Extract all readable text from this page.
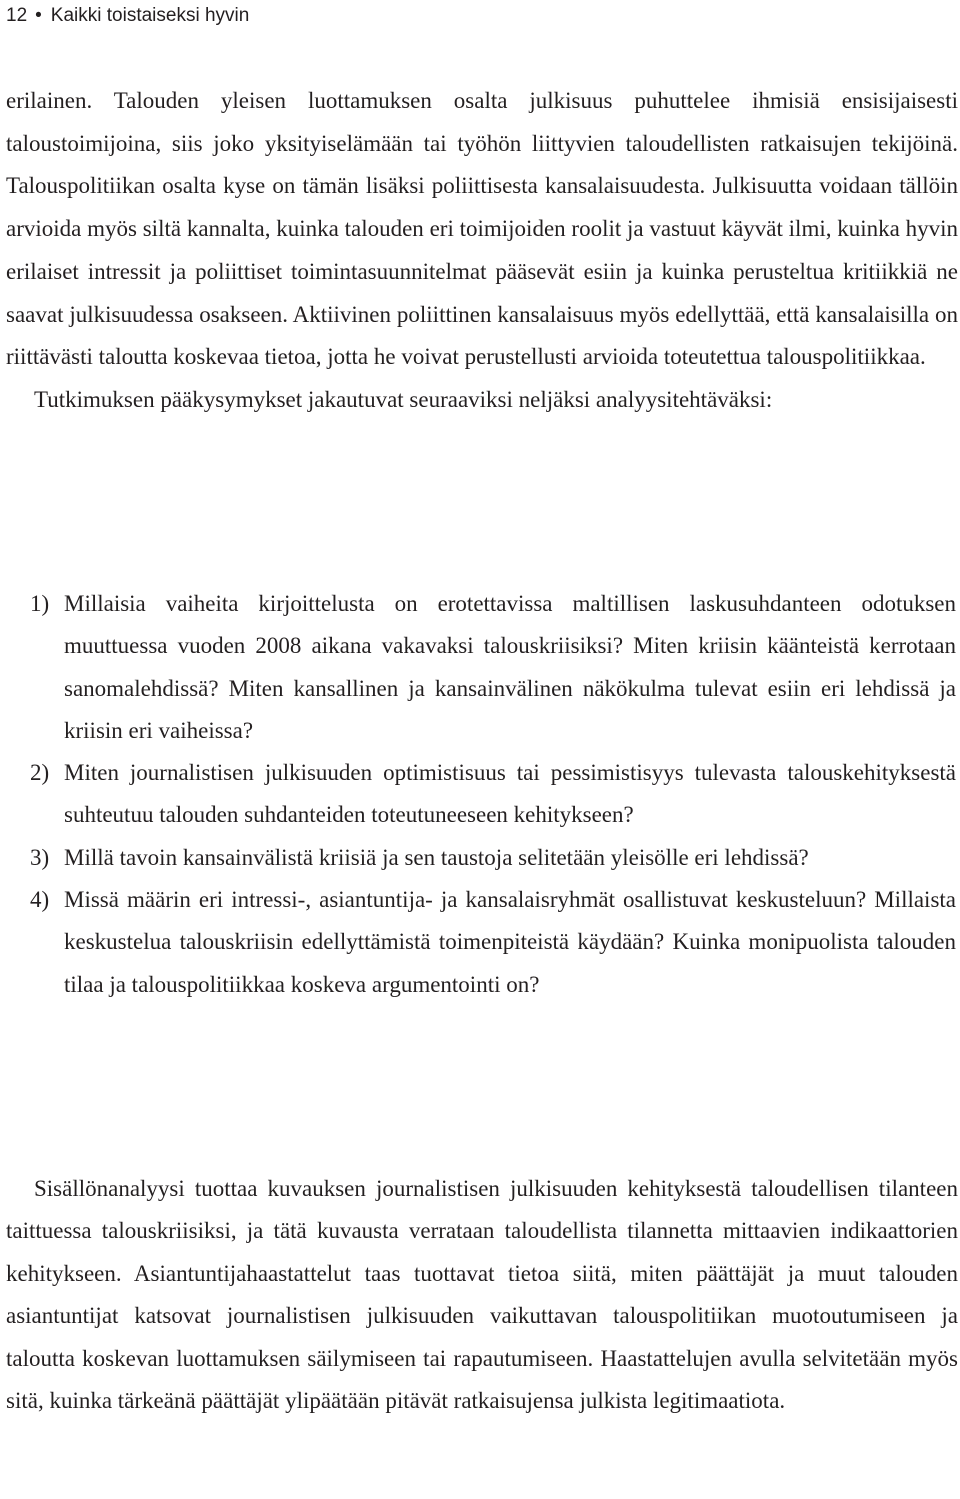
12 • Kaikki toistaiseksi hyvin

erilainen. Talouden yleisen luottamuksen osalta julkisuus puhuttelee ihmisiä ensisijaisesti taloustoimijoina, siis joko yksityiselämään tai työhön liittyvien taloudellisten ratkaisujen tekijöinä. Talouspolitiikan osalta kyse on tämän lisäksi poliittisesta kansalaisuudesta. Julkisuutta voidaan tällöin arvioida myös siltä kannalta, kuinka talouden eri toimijoiden roolit ja vastuut käyvät ilmi, kuinka hyvin erilaiset intressit ja poliittiset toimintasuunnitelmat pääsevät esiin ja kuinka perusteltua kritiikkiä ne saavat julkisuudessa osakseen. Aktiivinen poliittinen kansalaisuus myös edellyttää, että kansalaisilla on riittävästi taloutta koskevaa tietoa, jotta he voivat perustellusti arvioida toteutettua talouspolitiikkaa.
Tutkimuksen pääkysymykset jakautuvat seuraaviksi neljäksi analyysitehtäväksi:

1) Millaisia vaiheita kirjoittelusta on erotettavissa maltillisen laskusuhdanteen odotuksen muuttuessa vuoden 2008 aikana vakavaksi talouskriisiksi? Miten kriisin käänteistä kerrotaan sanomalehdissä? Miten kansallinen ja kansainvälinen näkökulma tulevat esiin eri lehdissä ja kriisin eri vaiheissa?
2) Miten journalistisen julkisuuden optimistisuus tai pessimistisyys tulevasta talouskehityksestä suhteutuu talouden suhdanteiden toteutuneeseen kehitykseen?
3) Millä tavoin kansainvälistä kriisiä ja sen taustoja selitetään yleisölle eri lehdissä?
4) Missä määrin eri intressi-, asiantuntija- ja kansalaisryhmät osallistuvat keskusteluun? Millaista keskustelua talouskriisin edellyttämistä toimenpiteistä käydään? Kuinka monipuolista talouden tilaa ja talouspolitiikkaa koskeva argumentointi on?

Sisällönanalyysi tuottaa kuvauksen journalistisen julkisuuden kehityksestä taloudellisen tilanteen taittuessa talouskriisiksi, ja tätä kuvausta verrataan taloudellista tilannetta mittaavien indikaattorien kehitykseen. Asiantuntijahaastattelut taas tuottavat tietoa siitä, miten päättäjät ja muut talouden asiantuntijat katsovat journalistisen julkisuuden vaikuttavan talouspolitiikan muotoutumiseen ja taloutta koskevan luottamuksen säilymiseen tai rapautumiseen. Haastattelujen avulla selvitetään myös sitä, kuinka tärkeänä päättäjät ylipäätään pitävät ratkaisujensa julkista legitimaatiota.
